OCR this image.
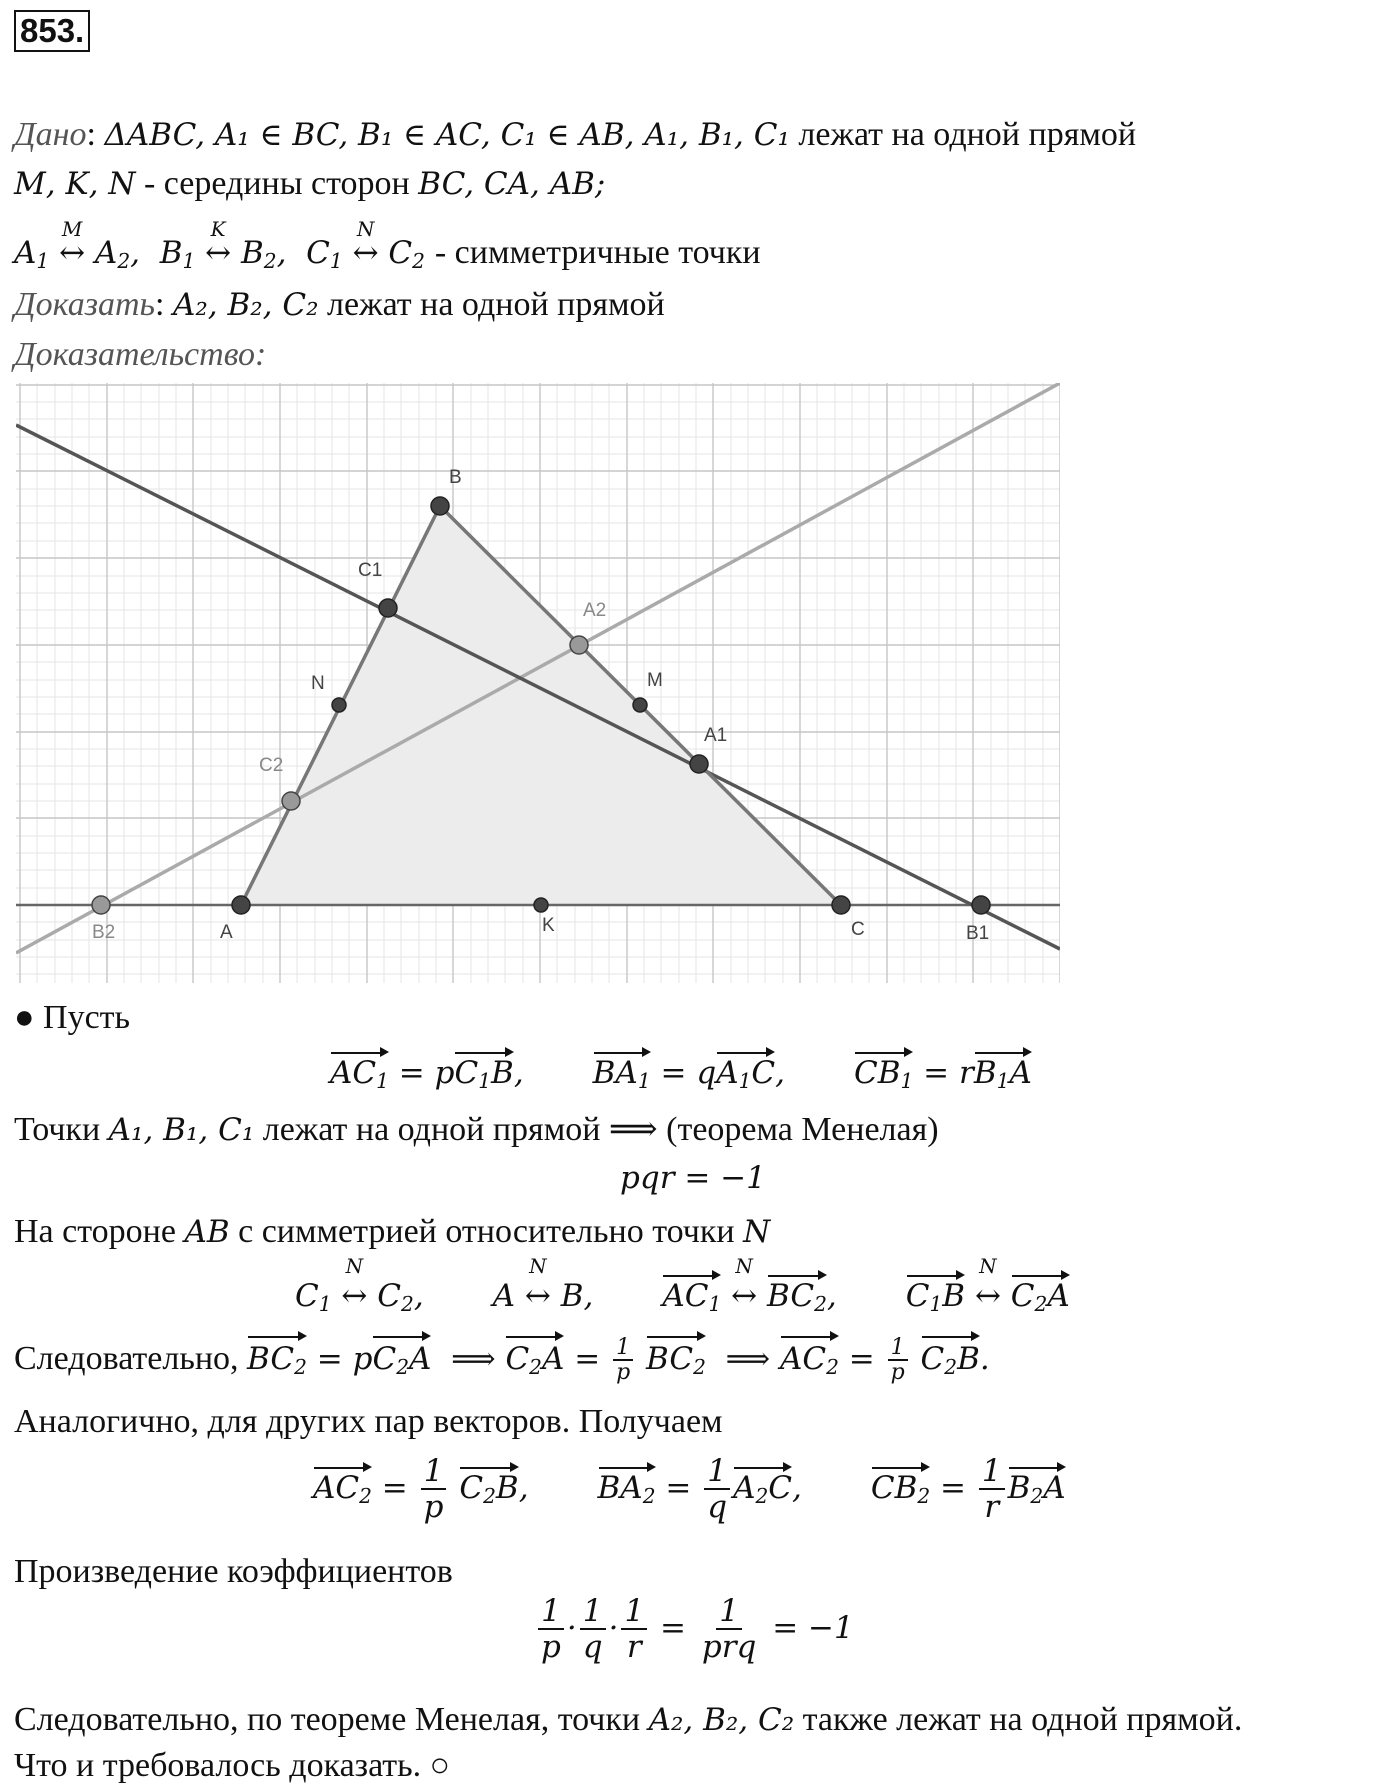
853.
Дано: ΔABC, A₁ ∈ BC, B₁ ∈ AC, C₁ ∈ AB, A₁, B₁, C₁ лежат на одной прямой
M, K, N - середины сторон BC, CA, AB;
$A_1$ ↔
M
$A_2$,  $B_1$ ↔
K
$B_2$,  $C_1$ ↔
N
$C_2$ - симметричные точки
Доказать: A₂, B₂, C₂ лежат на одной прямой
Доказательство:
B
C1
A2
N	M
A1
C2
B2	A	K	C	B1
● Пусть
$AC_1 = pC_1B$,       $BA_1 = qA_1C$,       $CB_1 = rB_1A$
Точки A₁, B₁, C₁ лежат на одной прямой ⟹ (теорема Менелая)
pqr = −1
На стороне AB с симметрией относительно точки N
$C_1$ ↔
N
$C_2$,       A ↔
N
B,       $AC_1$ ↔
N
$BC_2$,       $C_1B$ ↔
N
$C_2A$
Следовательно, $BC_2 = pC_2A$  ⟹ $C_2A = \frac{1}{p} BC_2$  ⟹ $AC_2 = \frac{1}{p} C_2B$.
Аналогично, для других пар векторов. Получаем
$AC_2 = \frac{1}{p} C_2B$,       $BA_2 = \frac{1}{q} A_2C$,       $CB_2 = \frac{1}{r} B_2A$
Произведение коэффициентов
$\frac{1}{p} \cdot \frac{1}{q} \cdot \frac{1}{r} = \frac{1}{\text{prq}} = -1$
Следовательно, по теореме Менелая, точки A₂, B₂, C₂ также лежат на одной прямой.
Что и требовалось доказать. ○
